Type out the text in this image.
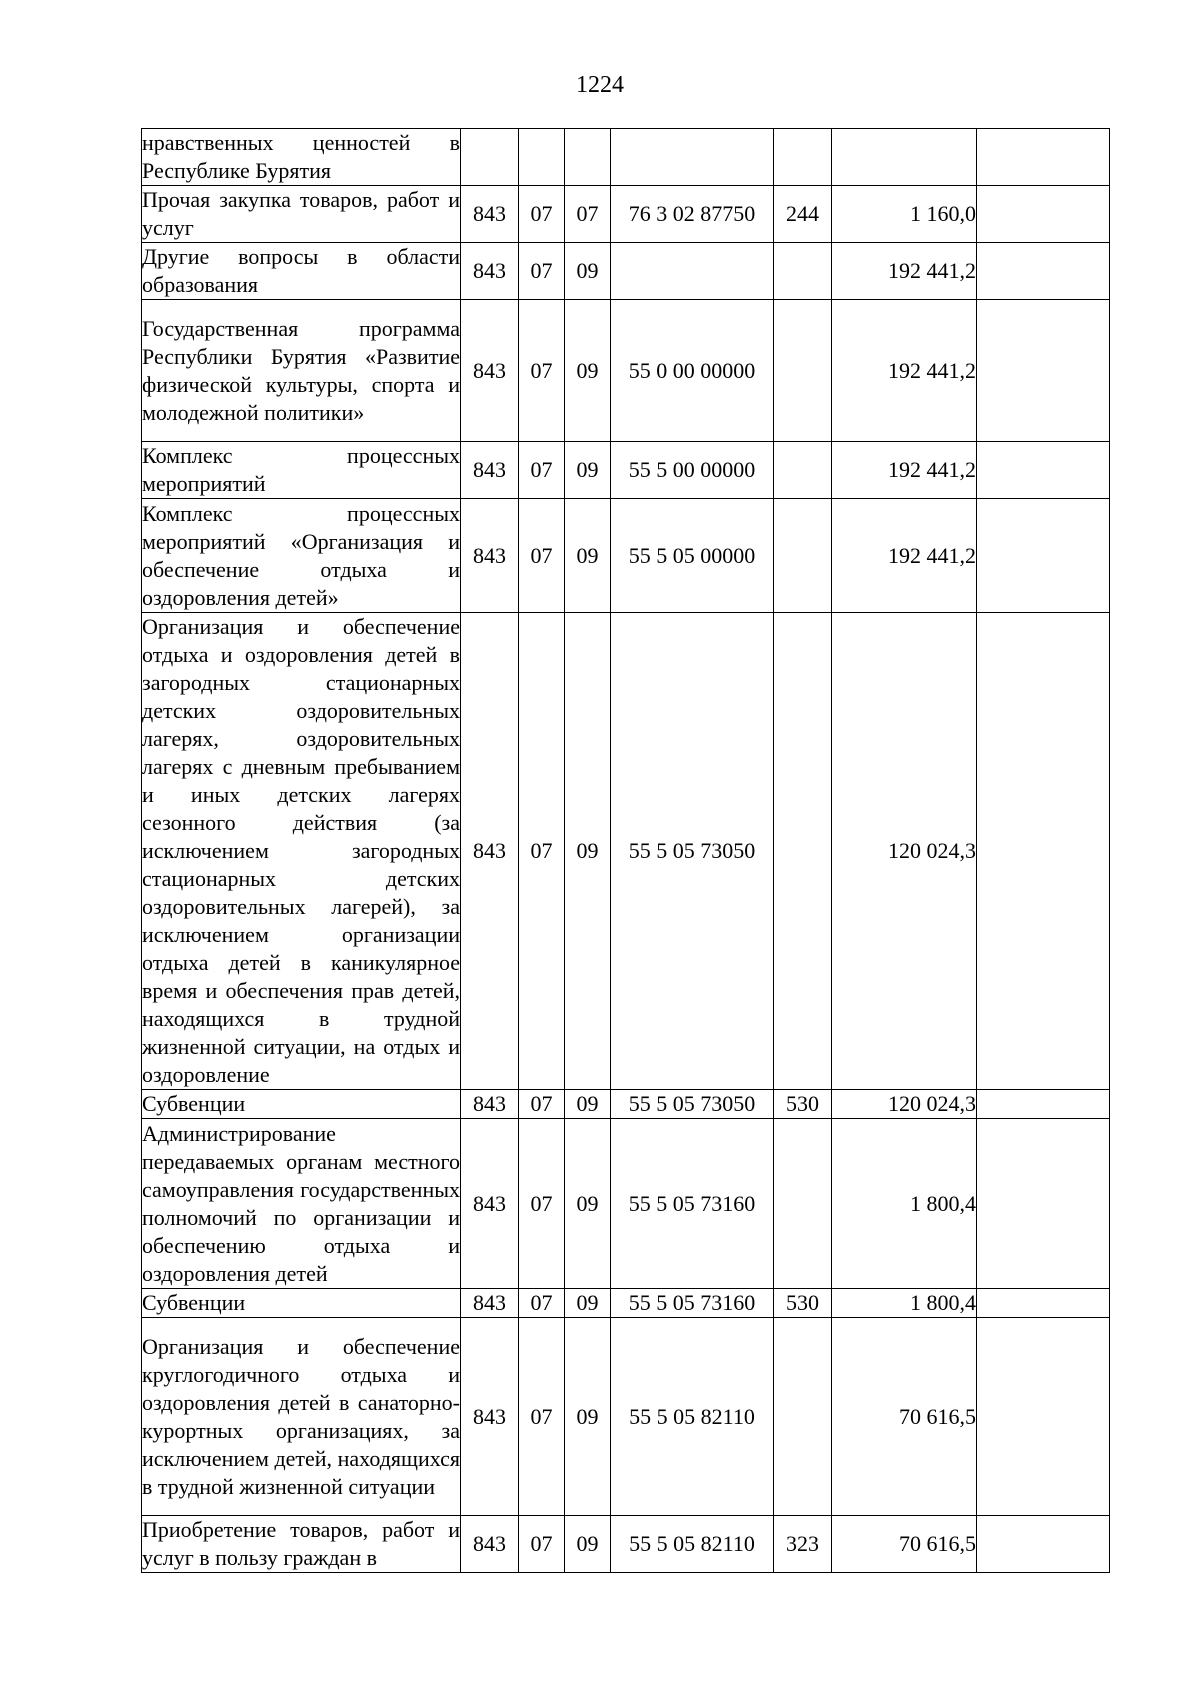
1224
нравственных ценностей в Республике Бурятия							
Прочая закупка товаров, работ и услуг	843	07	07	76 3 02 87750	244	1 160,0	
Другие вопросы в области образования	843	07	09			192 441,2	
Государственная программа Республики Бурятия «Развитие физической культуры, спорта и молодежной политики»	843	07	09	55 0 00 00000		192 441,2	
Комплекс процессных мероприятий	843	07	09	55 5 00 00000		192 441,2	
Комплекс процессных мероприятий «Организация и обеспечение отдыха и оздоровления детей»	843	07	09	55 5 05 00000		192 441,2	
Организация и обеспечение отдыха и оздоровления детей в загородных стационарных детских оздоровительных лагерях, оздоровительных лагерях с дневным пребыванием и иных детских лагерях сезонного действия (за исключением загородных стационарных детских оздоровительных лагерей), за исключением организации отдыха детей в каникулярное время и обеспечения прав детей, находящихся в трудной жизненной ситуации, на отдых и оздоровление	843	07	09	55 5 05 73050		120 024,3	
Субвенции	843	07	09	55 5 05 73050	530	120 024,3	
Администрирование передаваемых органам местного самоуправления государственных полномочий по организации и обеспечению отдыха и оздоровления детей	843	07	09	55 5 05 73160		1 800,4	
Субвенции	843	07	09	55 5 05 73160	530	1 800,4	
Организация и обеспечение круглогодичного отдыха и оздоровления детей в санаторно-курортных организациях, за исключением детей, находящихся в трудной жизненной ситуации	843	07	09	55 5 05 82110		70 616,5	
Приобретение товаров, работ и услуг в пользу граждан в	843	07	09	55 5 05 82110	323	70 616,5	
